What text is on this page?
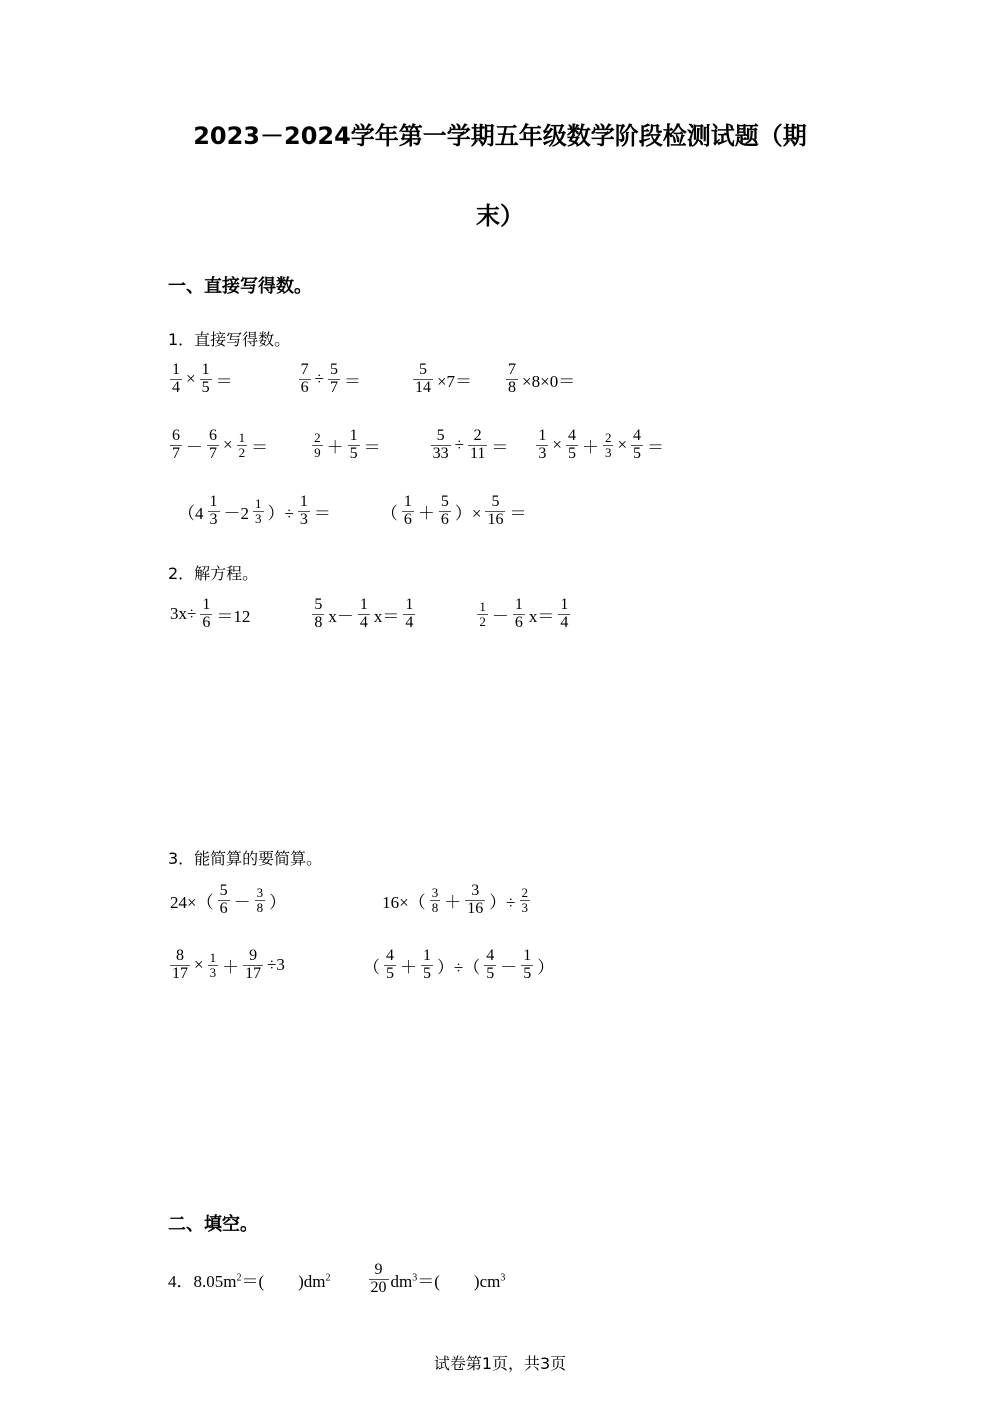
2023－2024学年第一学期五年级数学阶段检测试题（期
末）
一、直接写得数。
1．直接写得数。
$\frac{1}{4} \times \frac{1}{5}$ ＝	$\frac{7}{6} \div \frac{5}{7}$ ＝	$\frac{5}{14} \times 7= \frac{7}{8} \times 8\times 0=$
$\frac{6}{7} - \frac{6}{7} \times \frac{1}{2}$ ＝	$\frac{2}{9} + \frac{1}{5}$ ＝	$\frac{5}{33} \div \frac{2}{11} = \frac{1}{3} \times \frac{4}{5} + \frac{2}{3} \times \frac{4}{5}$ ＝
（$4 \frac{1}{3} -2 \frac{1}{3}$ ）÷ $\frac{1}{3}$ ＝	（ $\frac{1}{6} + \frac{5}{6}$ ）× $\frac{5}{16}$ ＝
2．解方程。
$3x\div \frac{1}{6} =12$	$\frac{5}{8} x- \frac{1}{4} x= \frac{1}{4}$	$\frac{1}{2} - \frac{1}{6} x= \frac{1}{4}$
3．能简算的要简算。
$24\times( \frac{5}{6} - \frac{3}{8}$ ）	$16\times( \frac{3}{8} + \frac{3}{16}$ ）÷ $\frac{2}{3}$
$\frac{8}{17} \times \frac{1}{3} + \frac{9}{17} \div 3$	（ $\frac{4}{5} + \frac{1}{5}$ ）÷（ $\frac{4}{5} - \frac{1}{5}$ ）
二、填空。
4．$8.05m^2=$(　　)$dm^2 \frac{9}{20} dm^3=$(　　)$cm^3$
试卷第1页，共3页
